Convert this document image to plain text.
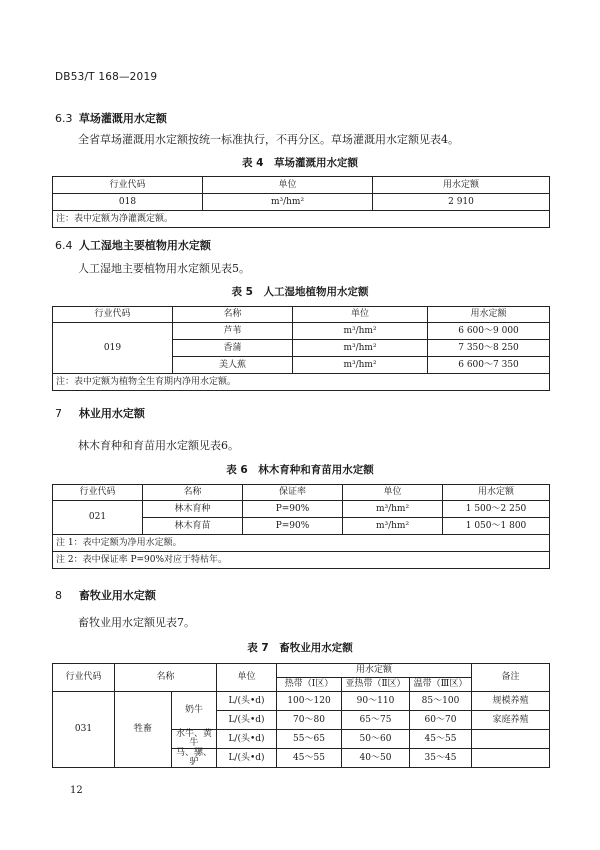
DB53/T 168—2019
6.3 草场灌溉用水定额
全省草场灌溉用水定额按统一标准执行，不再分区。草场灌溉用水定额见表4。
表 4　草场灌溉用水定额
行业代码	单位	用水定额
018	m³/hm²	2 910
注：表中定额为净灌溉定额。		
6.4 人工湿地主要植物用水定额
人工湿地主要植物用水定额见表5。
表 5　人工湿地植物用水定额
行业代码	名称	单位	用水定额
019	芦苇	m³/hm²	6 600～9 000
	香蒲	m³/hm²	7 350～8 250
	美人蕉	m³/hm²	6 600～7 350
注：表中定额为植物全生育期内净用水定额。			
7 林业用水定额
林木育种和育苗用水定额见表6。
表 6　林木育种和育苗用水定额
行业代码	名称	保证率	单位	用水定额
021	林木育种	P=90%	m³/hm²	1 500～2 250
	林木育苗	P=90%	m³/hm²	1 050～1 800
注 1：表中定额为净用水定额。				
注 2：表中保证率 P=90%对应于特枯年。				
8 畜牧业用水定额
畜牧业用水定额见表7。
表 7　畜牧业用水定额
行业代码	名称		单位	用水定额			备注
				热带（Ⅰ区）	亚热带（Ⅱ区）	温带（Ⅲ区）	
031	牲畜	奶牛	L/(头•d)	100～120	90～110	85～100	规模养殖
			L/(头•d)	70～80	65～75	60～70	家庭养殖
		水牛、黄牛	L/(头•d)	55～65	50～60	45～55	
		马、骡、驴	L/(头•d)	45～55	40～50	35～45	
12
